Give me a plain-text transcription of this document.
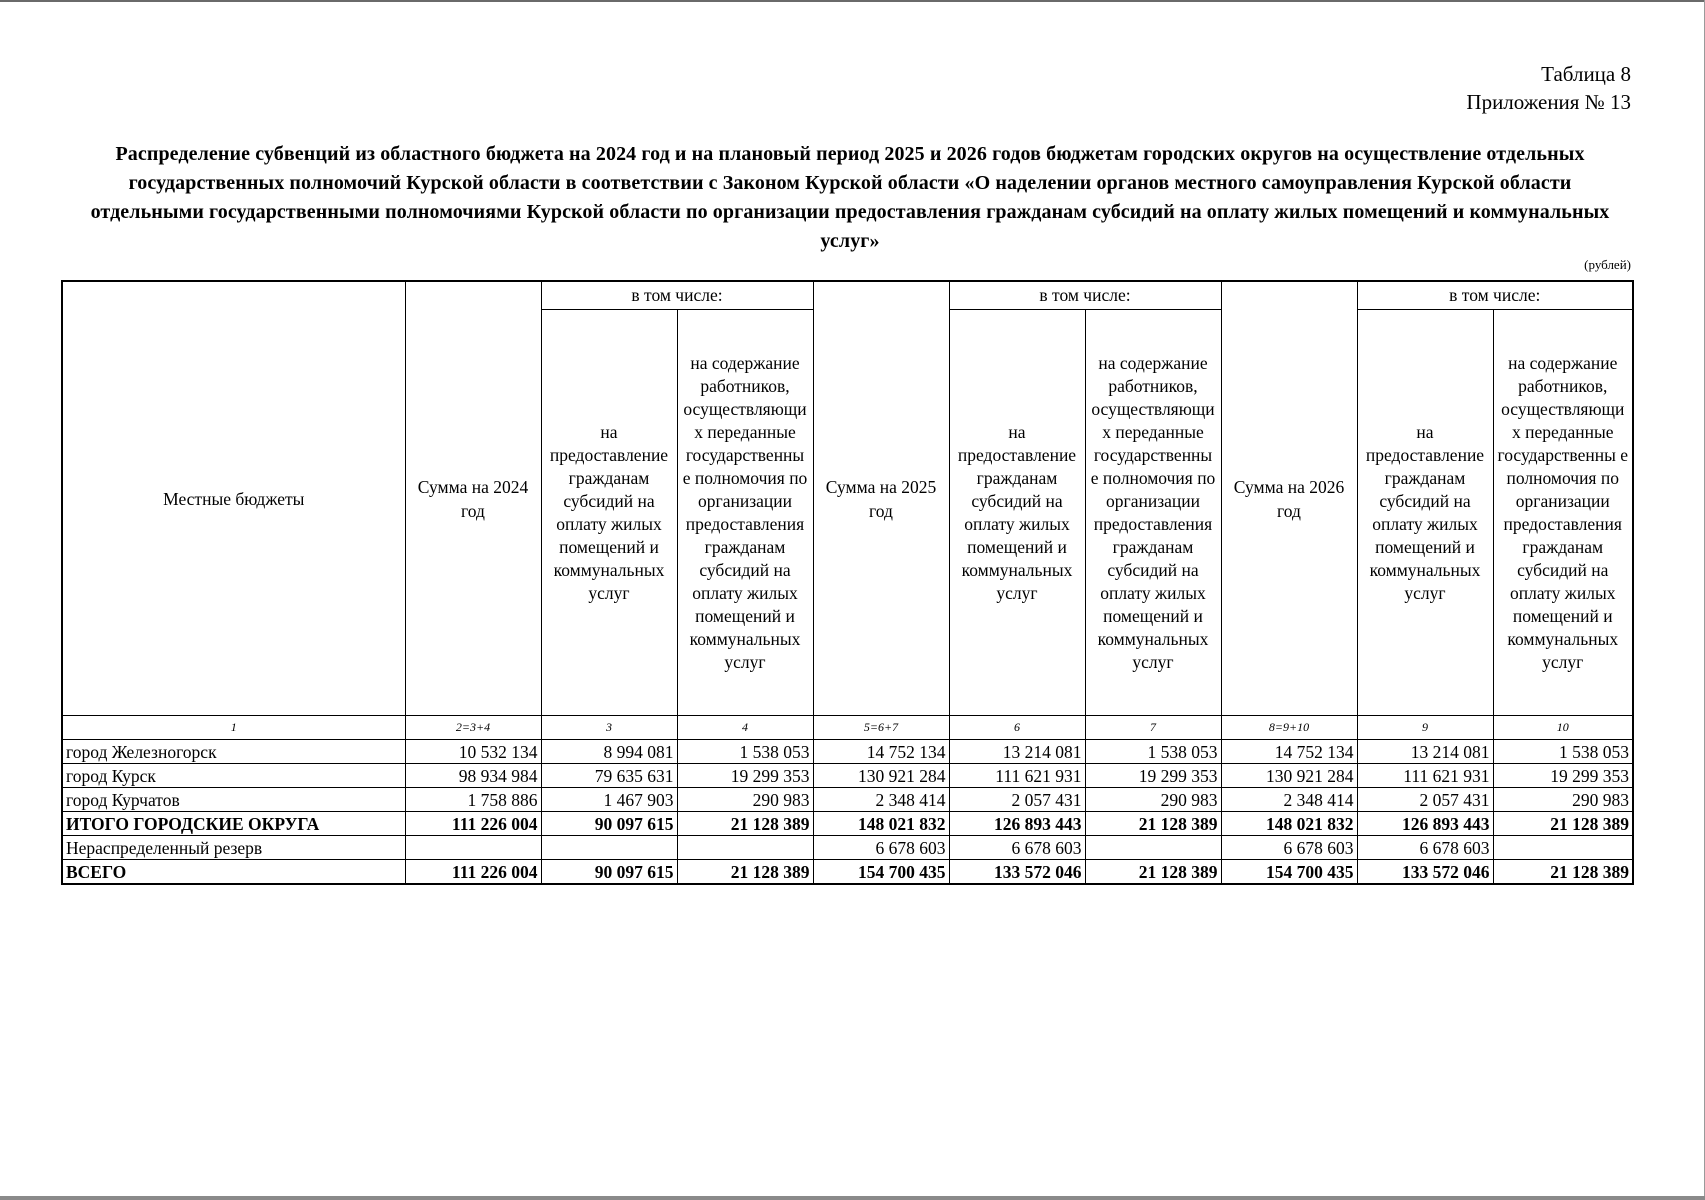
Таблица 8
Приложения № 13
Распределение субвенций из областного бюджета на 2024 год и на плановый период 2025 и 2026 годов бюджетам городских округов на осуществление отдельных государственных полномочий Курской области в соответствии с Законом Курской области «О наделении органов местного самоуправления Курской области отдельными государственными полномочиями Курской области по организации предоставления гражданам субсидий на оплату жилых помещений и коммунальных услуг»
(рублей)
Местные бюджеты	Сумма на 2024 год	в том числе:		Сумма на 2025 год	в том числе:		Сумма на 2026 год	в том числе:	
		на предоставление гражданам субсидий на оплату жилых помещений и коммунальных услуг	на содержание работников, осуществляющи х переданные государственны е полномочия по организации предоставления гражданам субсидий на оплату жилых помещений и коммунальных услуг		на предоставление гражданам субсидий на оплату жилых помещений и коммунальных услуг	на содержание работников, осуществляющи х переданные государственны е полномочия по организации предоставления гражданам субсидий на оплату жилых помещений и коммунальных услуг		на предоставление гражданам субсидий на оплату жилых помещений и коммунальных услуг	на содержание работников, осуществляющи х переданные государственны е полномочия по организации предоставления гражданам субсидий на оплату жилых помещений и коммунальных услуг
1	2=3+4	3	4	5=6+7	6	7	8=9+10	9	10
город Железногорск	10 532 134	8 994 081	1 538 053	14 752 134	13 214 081	1 538 053	14 752 134	13 214 081	1 538 053
город Курск	98 934 984	79 635 631	19 299 353	130 921 284	111 621 931	19 299 353	130 921 284	111 621 931	19 299 353
город Курчатов	1 758 886	1 467 903	290 983	2 348 414	2 057 431	290 983	2 348 414	2 057 431	290 983
ИТОГО ГОРОДСКИЕ ОКРУГА	111 226 004	90 097 615	21 128 389	148 021 832	126 893 443	21 128 389	148 021 832	126 893 443	21 128 389
Нераспределенный резерв				6 678 603	6 678 603		6 678 603	6 678 603	
ВСЕГО	111 226 004	90 097 615	21 128 389	154 700 435	133 572 046	21 128 389	154 700 435	133 572 046	21 128 389
